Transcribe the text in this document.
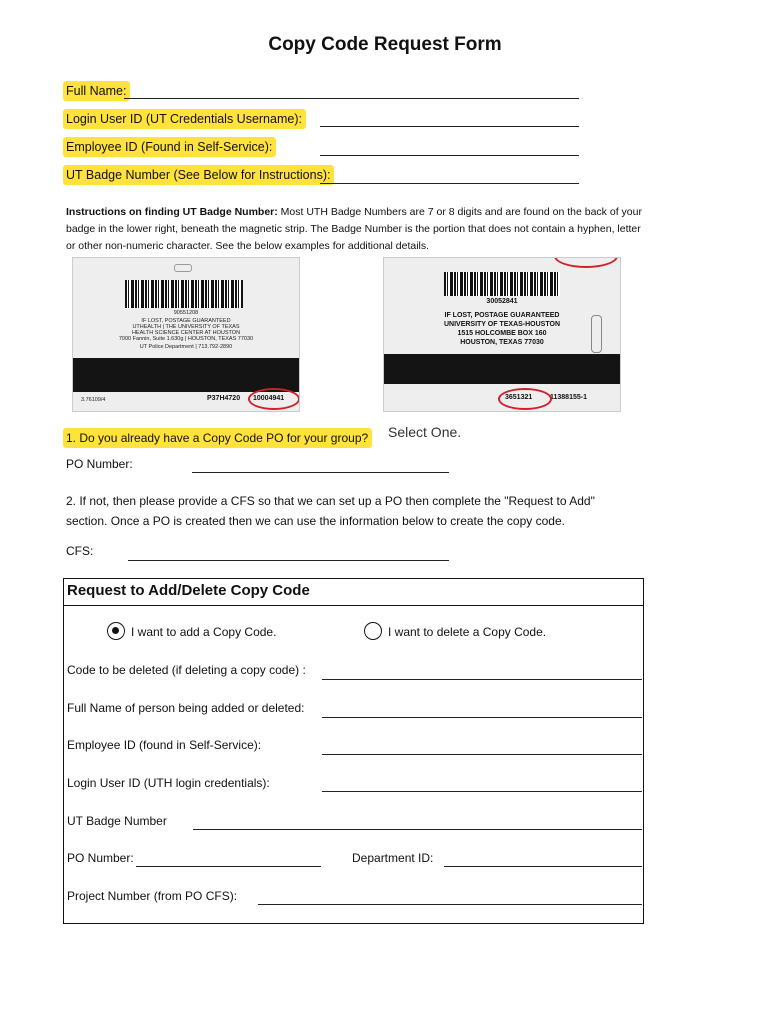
Copy Code Request Form
Full Name:
Login User ID (UT Credentials Username):
Employee ID (Found in Self-Service):
UT Badge Number (See Below for Instructions):
Instructions on finding UT Badge Number: Most UTH Badge Numbers are 7 or 8 digits and are found on the back of your badge in the lower right, beneath the magnetic strip. The Badge Number is the portion that does not contain a hyphen, letter or other non-numeric character. See the below examples for additional details.
90551208
IF LOST, POSTAGE GUARANTEED
UTHEALTH | THE UNIVERSITY OF TEXAS
HEALTH SCIENCE CENTER AT HOUSTON
7000 Fannin, Suite 1.630g | HOUSTON, TEXAS 77030
UT Police Department | 713.792-2890
3.76109/4	P37H4720 10004941
30052841
IF LOST, POSTAGE GUARANTEED
UNIVERSITY OF TEXAS-HOUSTON
1515 HOLCOMBE BOX 160
HOUSTON, TEXAS 77030
3651321	11388155-1
1. Do you already have a Copy Code PO for your group? Select One.
PO Number:
2. If not, then please provide a CFS so that we can set up a PO then complete the "Request to Add"
section. Once a PO is created then we can use the information below to create the copy code.
CFS:
Request to Add/Delete Copy Code
I want to add a Copy Code.	I want to delete a Copy Code.
Code to be deleted (if deleting a copy code) :
Full Name of person being added or deleted:
Employee ID (found in Self-Service):
Login User ID (UTH login credentials):
UT Badge Number
PO Number:	Department ID:
Project Number (from PO CFS):
